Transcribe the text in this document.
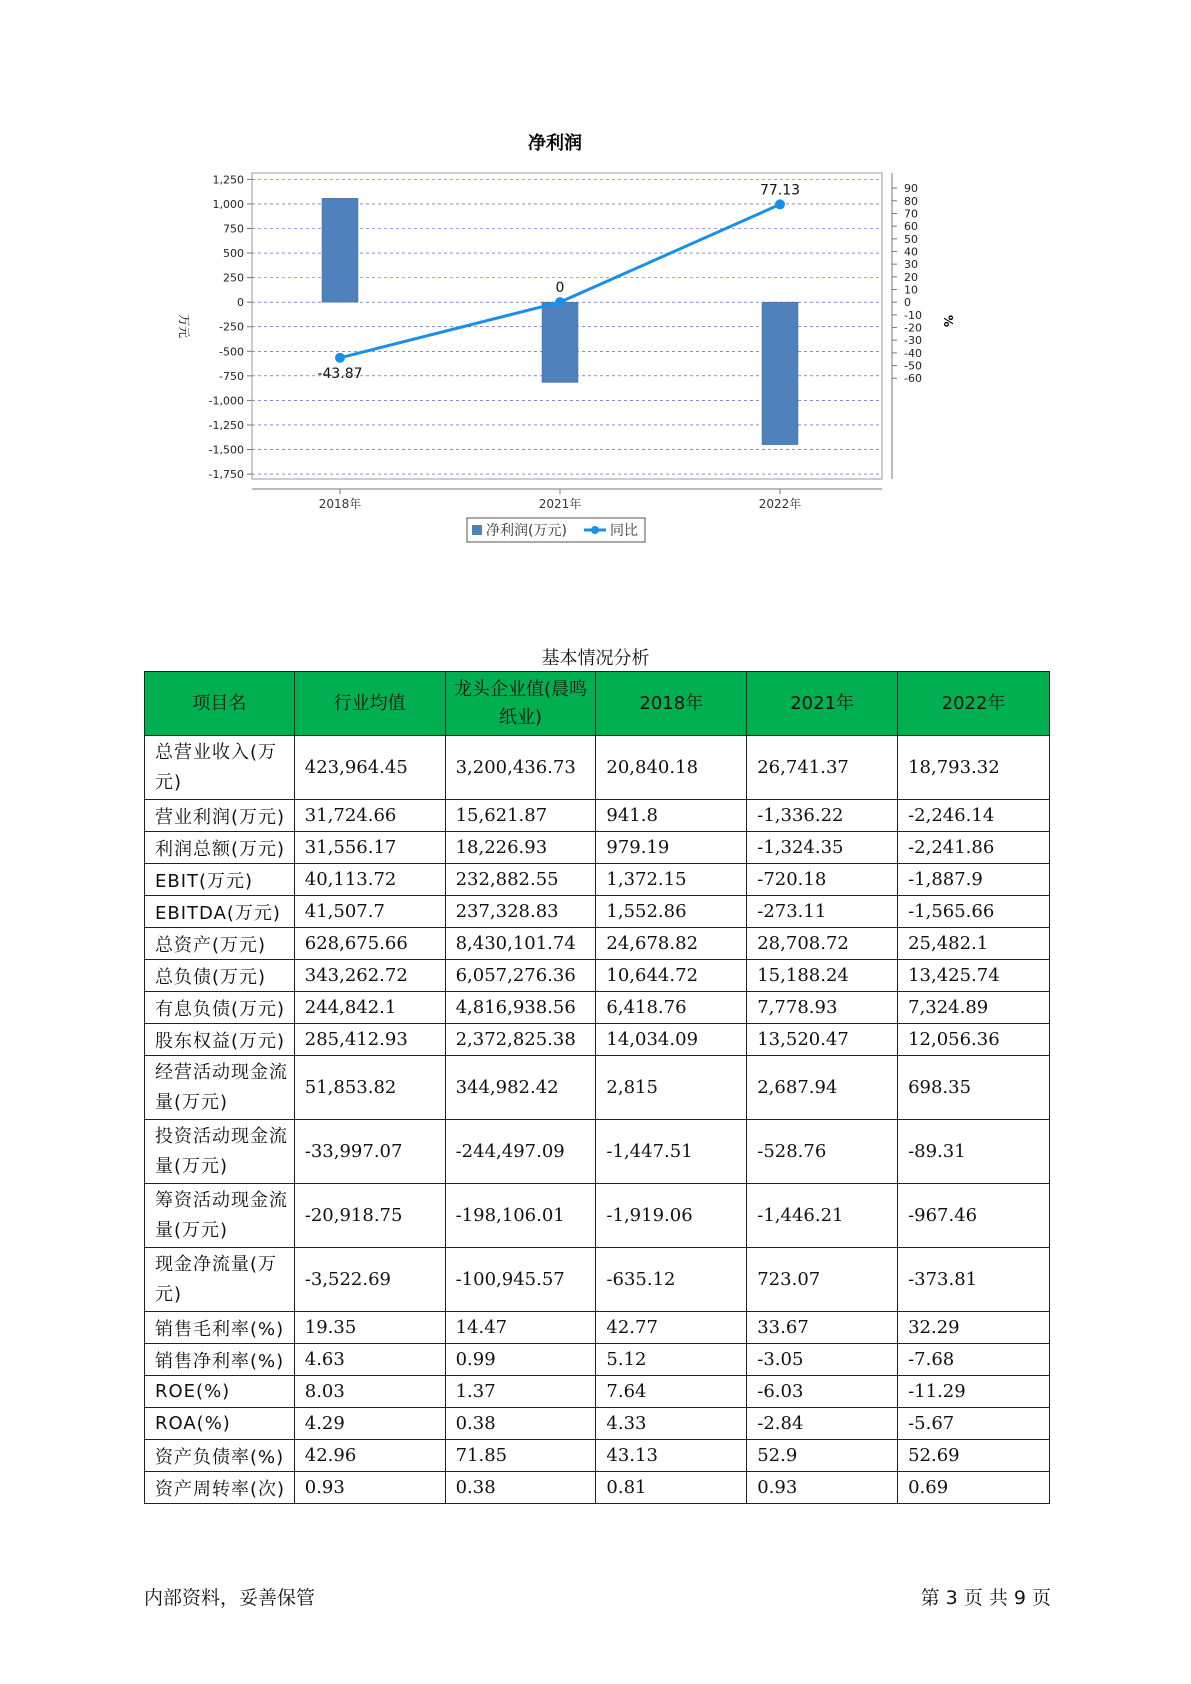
净利润
1,250
1,000
750
500
250
0
-250
-500
-750
-1,000
-1,250
-1,500
-1,750
90
80
70
60
50
40
30
20
10
0
-10
-20
-30
-40
-50
-60
万元	%
2018年	2021年	2022年
-43.87
0
77.13
净利润(万元)	同比
基本情况分析
项目名	行业均值	龙头企业值(晨鸣纸业)	2018年	2021年	2022年
总营业收入(万元)	423,964.45	3,200,436.73	20,840.18	26,741.37	18,793.32
营业利润(万元)	31,724.66	15,621.87	941.8	-1,336.22	-2,246.14
利润总额(万元)	31,556.17	18,226.93	979.19	-1,324.35	-2,241.86
EBIT(万元)	40,113.72	232,882.55	1,372.15	-720.18	-1,887.9
EBITDA(万元)	41,507.7	237,328.83	1,552.86	-273.11	-1,565.66
总资产(万元)	628,675.66	8,430,101.74	24,678.82	28,708.72	25,482.1
总负债(万元)	343,262.72	6,057,276.36	10,644.72	15,188.24	13,425.74
有息负债(万元)	244,842.1	4,816,938.56	6,418.76	7,778.93	7,324.89
股东权益(万元)	285,412.93	2,372,825.38	14,034.09	13,520.47	12,056.36
经营活动现金流量(万元)	51,853.82	344,982.42	2,815	2,687.94	698.35
投资活动现金流量(万元)	-33,997.07	-244,497.09	-1,447.51	-528.76	-89.31
筹资活动现金流量(万元)	-20,918.75	-198,106.01	-1,919.06	-1,446.21	-967.46
现金净流量(万元)	-3,522.69	-100,945.57	-635.12	723.07	-373.81
销售毛利率(%)	19.35	14.47	42.77	33.67	32.29
销售净利率(%)	4.63	0.99	5.12	-3.05	-7.68
ROE(%)	8.03	1.37	7.64	-6.03	-11.29
ROA(%)	4.29	0.38	4.33	-2.84	-5.67
资产负债率(%)	42.96	71.85	43.13	52.9	52.69
资产周转率(次)	0.93	0.38	0.81	0.93	0.69
内部资料，妥善保管	第 3 页 共 9 页
